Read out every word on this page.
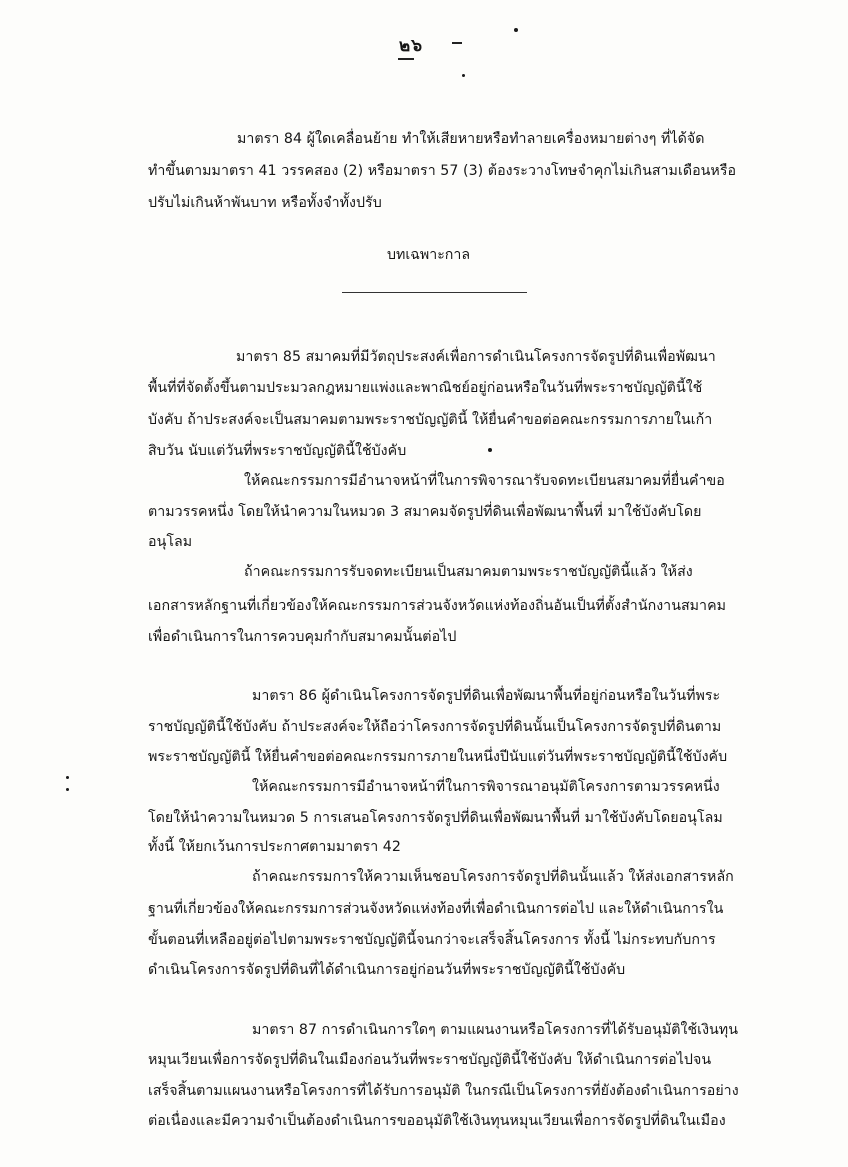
๒๖
มาตรา 84 ผู้ใดเคลื่อนย้าย ทำให้เสียหายหรือทำลายเครื่องหมายต่างๆ ที่ได้จัด
ทำขึ้นตามมาตรา 41 วรรคสอง (2) หรือมาตรา 57 (3) ต้องระวางโทษจำคุกไม่เกินสามเดือนหรือ
ปรับไม่เกินห้าพันบาท หรือทั้งจำทั้งปรับ
บทเฉพาะกาล
มาตรา 85 สมาคมที่มีวัตถุประสงค์เพื่อการดำเนินโครงการจัดรูปที่ดินเพื่อพัฒนา
พื้นที่ที่จัดตั้งขึ้นตามประมวลกฎหมายแพ่งและพาณิชย์อยู่ก่อนหรือในวันที่พระราชบัญญัตินี้ใช้
บังคับ ถ้าประสงค์จะเป็นสมาคมตามพระราชบัญญัตินี้ ให้ยื่นคำขอต่อคณะกรรมการภายในเก้า
สิบวัน นับแต่วันที่พระราชบัญญัตินี้ใช้บังคับ
ให้คณะกรรมการมีอำนาจหน้าที่ในการพิจารณารับจดทะเบียนสมาคมที่ยื่นคำขอ
ตามวรรคหนึ่ง โดยให้นำความในหมวด 3 สมาคมจัดรูปที่ดินเพื่อพัฒนาพื้นที่ มาใช้บังคับโดย
อนุโลม
ถ้าคณะกรรมการรับจดทะเบียนเป็นสมาคมตามพระราชบัญญัตินี้แล้ว ให้ส่ง
เอกสารหลักฐานที่เกี่ยวข้องให้คณะกรรมการส่วนจังหวัดแห่งท้องถิ่นอันเป็นที่ตั้งสำนักงานสมาคม
เพื่อดำเนินการในการควบคุมกำกับสมาคมนั้นต่อไป
มาตรา 86 ผู้ดำเนินโครงการจัดรูปที่ดินเพื่อพัฒนาพื้นที่อยู่ก่อนหรือในวันที่พระ
ราชบัญญัตินี้ใช้บังคับ ถ้าประสงค์จะให้ถือว่าโครงการจัดรูปที่ดินนั้นเป็นโครงการจัดรูปที่ดินตาม
พระราชบัญญัตินี้ ให้ยื่นคำขอต่อคณะกรรมการภายในหนึ่งปีนับแต่วันที่พระราชบัญญัตินี้ใช้บังคับ
ให้คณะกรรมการมีอำนาจหน้าที่ในการพิจารณาอนุมัติโครงการตามวรรคหนึ่ง
โดยให้นำความในหมวด 5 การเสนอโครงการจัดรูปที่ดินเพื่อพัฒนาพื้นที่ มาใช้บังคับโดยอนุโลม
ทั้งนี้ ให้ยกเว้นการประกาศตามมาตรา 42
ถ้าคณะกรรมการให้ความเห็นชอบโครงการจัดรูปที่ดินนั้นแล้ว ให้ส่งเอกสารหลัก
ฐานที่เกี่ยวข้องให้คณะกรรมการส่วนจังหวัดแห่งท้องที่เพื่อดำเนินการต่อไป และให้ดำเนินการใน
ขั้นตอนที่เหลืออยู่ต่อไปตามพระราชบัญญัตินี้จนกว่าจะเสร็จสิ้นโครงการ ทั้งนี้ ไม่กระทบกับการ
ดำเนินโครงการจัดรูปที่ดินที่ได้ดำเนินการอยู่ก่อนวันที่พระราชบัญญัตินี้ใช้บังคับ
มาตรา 87 การดำเนินการใดๆ ตามแผนงานหรือโครงการที่ได้รับอนุมัติใช้เงินทุน
หมุนเวียนเพื่อการจัดรูปที่ดินในเมืองก่อนวันที่พระราชบัญญัตินี้ใช้บังคับ ให้ดำเนินการต่อไปจน
เสร็จสิ้นตามแผนงานหรือโครงการที่ได้รับการอนุมัติ ในกรณีเป็นโครงการที่ยังต้องดำเนินการอย่าง
ต่อเนื่องและมีความจำเป็นต้องดำเนินการขออนุมัติใช้เงินทุนหมุนเวียนเพื่อการจัดรูปที่ดินในเมือง
